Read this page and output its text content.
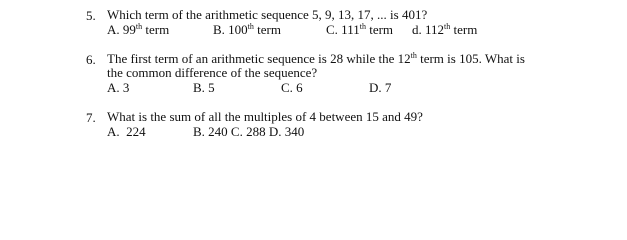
5. Which term of the arithmetic sequence 5, 9, 13, 17, ... is 401?
A. 99th term	B. 100th term	C. 111th term d. 112th term
6. The first term of an arithmetic sequence is 28 while the 12th term is 105. What is
the common difference of the sequence?
A. 3	B. 5	C. 6	D. 7
7. What is the sum of all the multiples of 4 between 15 and 49?
A.  224	B. 240 C. 288 D. 340
